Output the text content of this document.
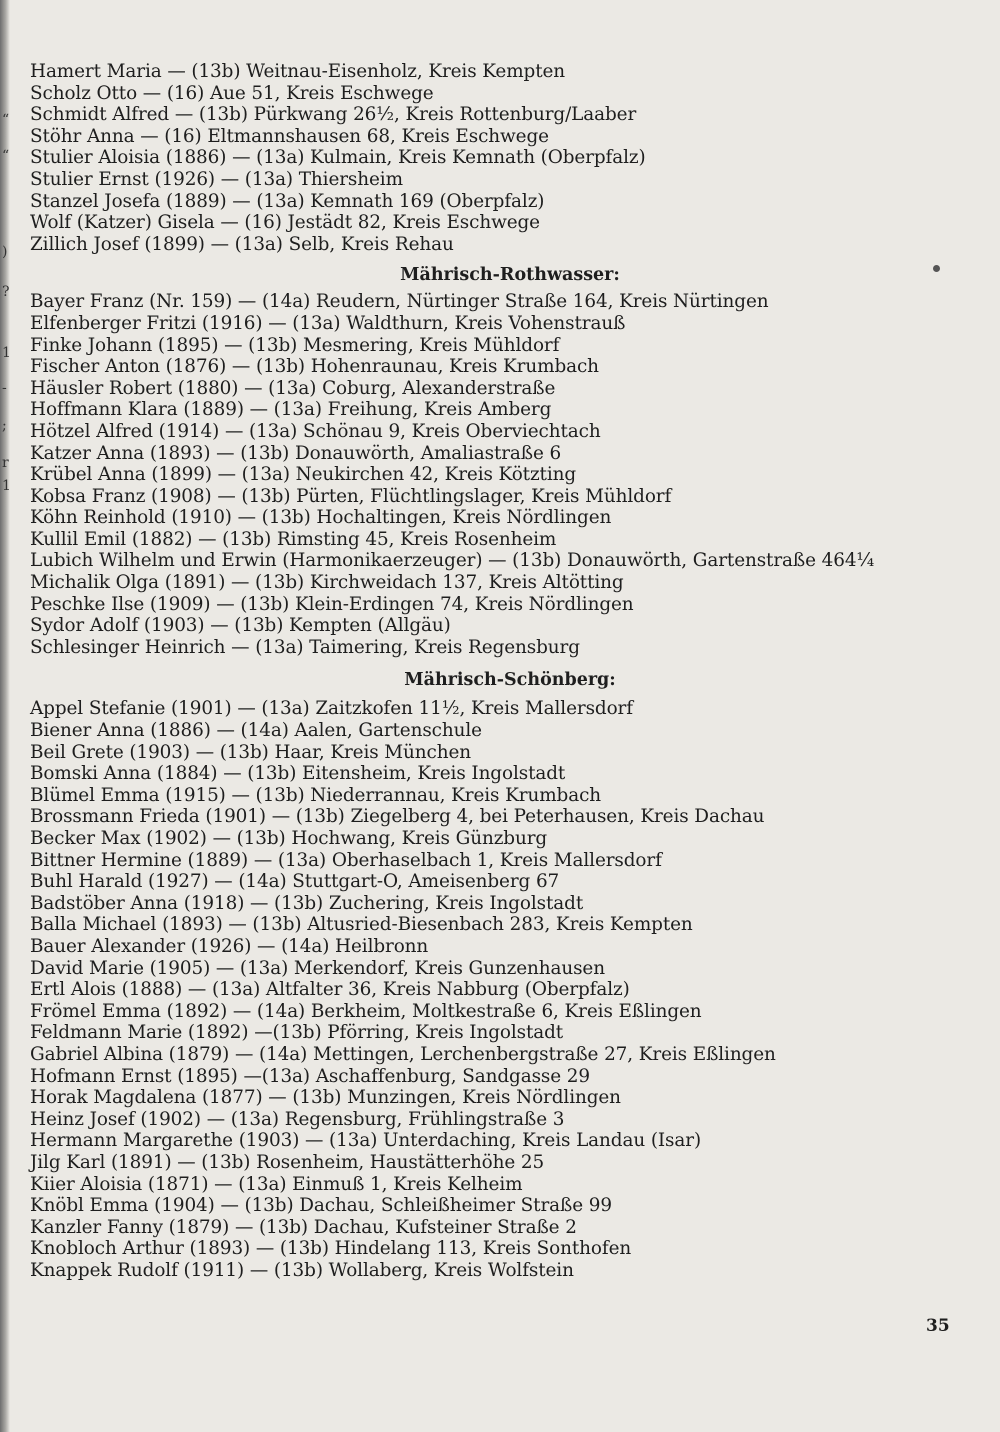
“
“
)
?
1
-
;
r
1
Hamert Maria — (13b) Weitnau-Eisenholz, Kreis Kempten
Scholz Otto — (16) Aue 51, Kreis Eschwege
Schmidt Alfred — (13b) Pürkwang 26½, Kreis Rottenburg/Laaber
Stöhr Anna — (16) Eltmannshausen 68, Kreis Eschwege
Stulier Aloisia (1886) — (13a) Kulmain, Kreis Kemnath (Oberpfalz)
Stulier Ernst (1926) — (13a) Thiersheim
Stanzel Josefa (1889) — (13a) Kemnath 169 (Oberpfalz)
Wolf (Katzer) Gisela — (16) Jestädt 82, Kreis Eschwege
Zillich Josef (1899) — (13a) Selb, Kreis Rehau
Mährisch-Rothwasser:
Bayer Franz (Nr. 159) — (14a) Reudern, Nürtinger Straße 164, Kreis Nürtingen
Elfenberger Fritzi (1916) — (13a) Waldthurn, Kreis Vohenstrauß
Finke Johann (1895) — (13b) Mesmering, Kreis Mühldorf
Fischer Anton (1876) — (13b) Hohenraunau, Kreis Krumbach
Häusler Robert (1880) — (13a) Coburg, Alexanderstraße
Hoffmann Klara (1889) — (13a) Freihung, Kreis Amberg
Hötzel Alfred (1914) — (13a) Schönau 9, Kreis Oberviechtach
Katzer Anna (1893) — (13b) Donauwörth, Amaliastraße 6
Krübel Anna (1899) — (13a) Neukirchen 42, Kreis Kötzting
Kobsa Franz (1908) — (13b) Pürten, Flüchtlingslager, Kreis Mühldorf
Köhn Reinhold (1910) — (13b) Hochaltingen, Kreis Nördlingen
Kullil Emil (1882) — (13b) Rimsting 45, Kreis Rosenheim
Lubich Wilhelm und Erwin (Harmonikaerzeuger) — (13b) Donauwörth, Gartenstraße 464¼
Michalik Olga (1891) — (13b) Kirchweidach 137, Kreis Altötting
Peschke Ilse (1909) — (13b) Klein-Erdingen 74, Kreis Nördlingen
Sydor Adolf (1903) — (13b) Kempten (Allgäu)
Schlesinger Heinrich — (13a) Taimering, Kreis Regensburg
Mährisch-Schönberg:
Appel Stefanie (1901) — (13a) Zaitzkofen 11½, Kreis Mallersdorf
Biener Anna (1886) — (14a) Aalen, Gartenschule
Beil Grete (1903) — (13b) Haar, Kreis München
Bomski Anna (1884) — (13b) Eitensheim, Kreis Ingolstadt
Blümel Emma (1915) — (13b) Niederrannau, Kreis Krumbach
Brossmann Frieda (1901) — (13b) Ziegelberg 4, bei Peterhausen, Kreis Dachau
Becker Max (1902) — (13b) Hochwang, Kreis Günzburg
Bittner Hermine (1889) — (13a) Oberhaselbach 1, Kreis Mallersdorf
Buhl Harald (1927) — (14a) Stuttgart-O, Ameisenberg 67
Badstöber Anna (1918) — (13b) Zuchering, Kreis Ingolstadt
Balla Michael (1893) — (13b) Altusried-Biesenbach 283, Kreis Kempten
Bauer Alexander (1926) — (14a) Heilbronn
David Marie (1905) — (13a) Merkendorf, Kreis Gunzenhausen
Ertl Alois (1888) — (13a) Altfalter 36, Kreis Nabburg (Oberpfalz)
Frömel Emma (1892) — (14a) Berkheim, Moltkestraße 6, Kreis Eßlingen
Feldmann Marie (1892) —(13b) Pförring, Kreis Ingolstadt
Gabriel Albina (1879) — (14a) Mettingen, Lerchenbergstraße 27, Kreis Eßlingen
Hofmann Ernst (1895) —(13a) Aschaffenburg, Sandgasse 29
Horak Magdalena (1877) — (13b) Munzingen, Kreis Nördlingen
Heinz Josef (1902) — (13a) Regensburg, Frühlingstraße 3
Hermann Margarethe (1903) — (13a) Unterdaching, Kreis Landau (Isar)
Jilg Karl (1891) — (13b) Rosenheim, Haustätterhöhe 25
Kiier Aloisia (1871) — (13a) Einmuß 1, Kreis Kelheim
Knöbl Emma (1904) — (13b) Dachau, Schleißheimer Straße 99
Kanzler Fanny (1879) — (13b) Dachau, Kufsteiner Straße 2
Knobloch Arthur (1893) — (13b) Hindelang 113, Kreis Sonthofen
Knappek Rudolf (1911) — (13b) Wollaberg, Kreis Wolfstein
35
